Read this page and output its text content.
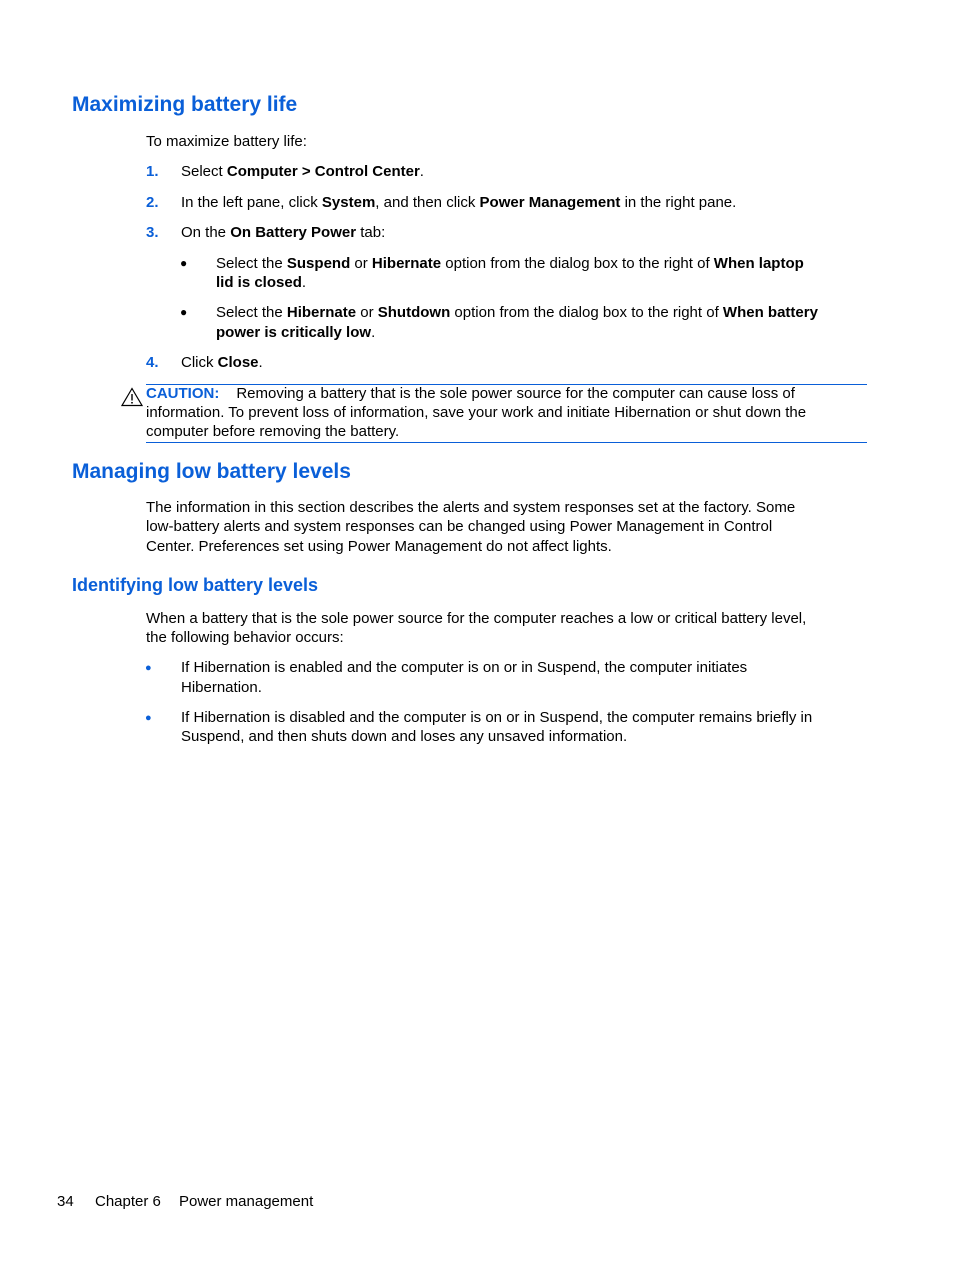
Maximizing battery life

To maximize battery life:

1. Select Computer > Control Center.

2. In the left pane, click System, and then click Power Management in the right pane.

3. On the On Battery Power tab:

● Select the Suspend or Hibernate option from the dialog box to the right of When laptop

lid is closed.

● Select the Hibernate or Shutdown option from the dialog box to the right of When battery

power is critically low.

4. Click Close.

CAUTION: Removing a battery that is the sole power source for the computer can cause loss of

information. To prevent loss of information, save your work and initiate Hibernation or shut down the

computer before removing the battery.

Managing low battery levels

The information in this section describes the alerts and system responses set at the factory. Some

low-battery alerts and system responses can be changed using Power Management in Control

Center. Preferences set using Power Management do not affect lights.

Identifying low battery levels

When a battery that is the sole power source for the computer reaches a low or critical battery level,

the following behavior occurs:

● If Hibernation is enabled and the computer is on or in Suspend, the computer initiates

Hibernation.

● If Hibernation is disabled and the computer is on or in Suspend, the computer remains briefly in

Suspend, and then shuts down and loses any unsaved information.

34 Chapter 6 Power management
